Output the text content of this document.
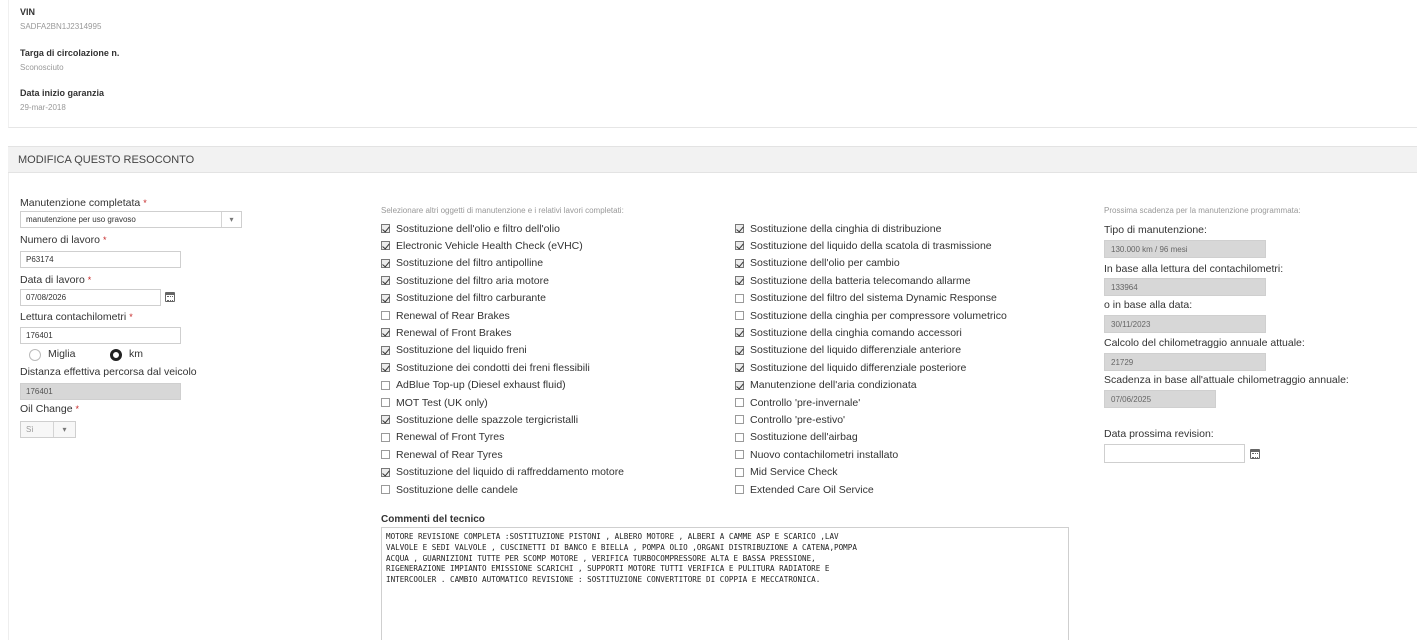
VIN
SADFA2BN1J2314995
Targa di circolazione n.
Sconosciuto
Data inizio garanzia
29-mar-2018
MODIFICA QUESTO RESOCONTO
Manutenzione completata *
manutenzione per uso gravoso	▾
Numero di lavoro *
P63174
Data di lavoro *
07/08/2026
Lettura contachilometri *
176401
Miglia	km
Distanza effettiva percorsa dal veicolo
176401
Oil Change *
Sì	▾
Selezionare altri oggetti di manutenzione e i relativi lavori completati:
Sostituzione dell'olio e filtro dell'olio
Electronic Vehicle Health Check (eVHC)
Sostituzione del filtro antipolline
Sostituzione del filtro aria motore
Sostituzione del filtro carburante
Renewal of Rear Brakes
Renewal of Front Brakes
Sostituzione del liquido freni
Sostituzione dei condotti dei freni flessibili
AdBlue Top-up (Diesel exhaust fluid)
MOT Test (UK only)
Sostituzione delle spazzole tergicristalli
Renewal of Front Tyres
Renewal of Rear Tyres
Sostituzione del liquido di raffreddamento motore
Sostituzione delle candele
Sostituzione della cinghia di distribuzione
Sostituzione del liquido della scatola di trasmissione
Sostituzione dell'olio per cambio
Sostituzione della batteria telecomando allarme
Sostituzione del filtro del sistema Dynamic Response
Sostituzione della cinghia per compressore volumetrico
Sostituzione della cinghia comando accessori
Sostituzione del liquido differenziale anteriore
Sostituzione del liquido differenziale posteriore
Manutenzione dell'aria condizionata
Controllo 'pre-invernale'
Controllo 'pre-estivo'
Sostituzione dell'airbag
Nuovo contachilometri installato
Mid Service Check
Extended Care Oil Service
Commenti del tecnico
MOTORE REVISIONE COMPLETA :SOSTITUZIONE PISTONI , ALBERO MOTORE , ALBERI A CAMME ASP E SCARICO ,LAV
VALVOLE E SEDI VALVOLE , CUSCINETTI DI BANCO E BIELLA , POMPA OLIO ,ORGANI DISTRIBUZIONE A CATENA,POMPA
ACQUA , GUARNIZIONI TUTTE PER SCOMP MOTORE , VERIFICA TURBOCOMPRESSORE ALTA E BASSA PRESSIONE,
RIGENERAZIONE IMPIANTO EMISSIONE SCARICHI , SUPPORTI MOTORE TUTTI VERIFICA E PULITURA RADIATORE E
INTERCOOLER . CAMBIO AUTOMATICO REVISIONE : SOSTITUZIONE CONVERTITORE DI COPPIA E MECCATRONICA.
Prossima scadenza per la manutenzione programmata:
Tipo di manutenzione:
130.000 km / 96 mesi
In base alla lettura del contachilometri:
133964
o in base alla data:
30/11/2023
Calcolo del chilometraggio annuale attuale:
21729
Scadenza in base all'attuale chilometraggio annuale:
07/06/2025
Data prossima revision:
